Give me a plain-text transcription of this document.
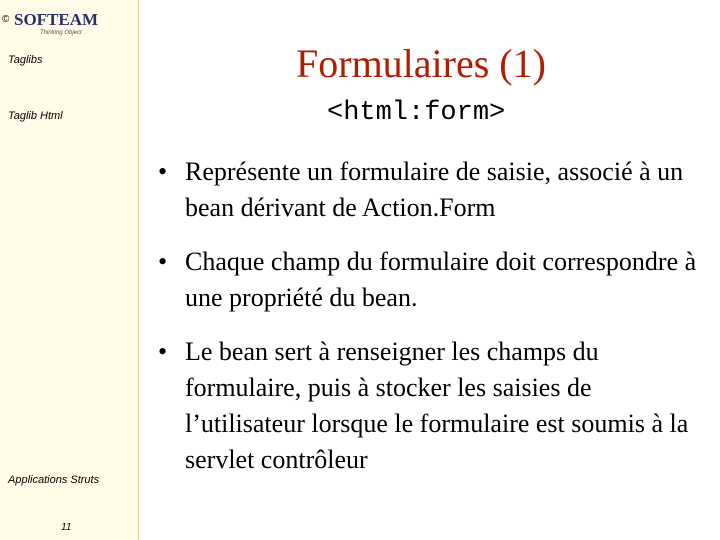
© SOFTEAM
Thinking Object
Taglibs
Taglib Html
Applications Struts
11
Formulaires (1)
<html:form>
• Représente un formulaire de saisie, associé à un bean dérivant de Action.Form
• Chaque champ du formulaire doit correspondre à une propriété du bean.
• Le bean sert à renseigner les champs du formulaire, puis à stocker les saisies de l’utilisateur lorsque le formulaire est soumis à la servlet contrôleur
